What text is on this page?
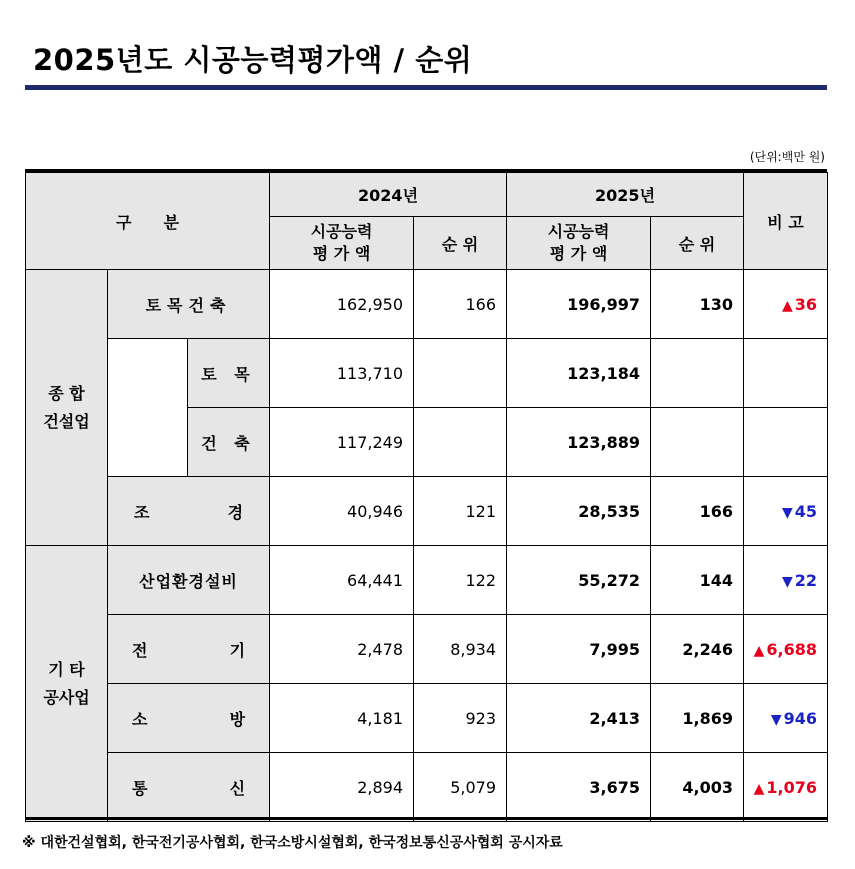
2025년도 시공능력평가액 / 순위
(단위:백만 원)
구　　분			2024년		2025년		비 고

			시공능력
평 가 액	순 위	시공능력
평 가 액	순 위	

종 합
건설업	토목건축		162,950	166	196,997	130	▲ 36
		토 목	113,710		123,184		
		건 축	117,249		123,889		

	조 경		40,946	121	28,535	166	▼ 45

기 타
공사업	산업환경설비		64,441	122	55,272	144	▼ 22

	전 기		2,478	8,934	7,995	2,246	▲ 6,688

	소 방		4,181	923	2,413	1,869	▼ 946

	통 신		2,894	5,079	3,675	4,003	▲ 1,076
※ 대한건설협회, 한국전기공사협회, 한국소방시설협회, 한국정보통신공사협회 공시자료
